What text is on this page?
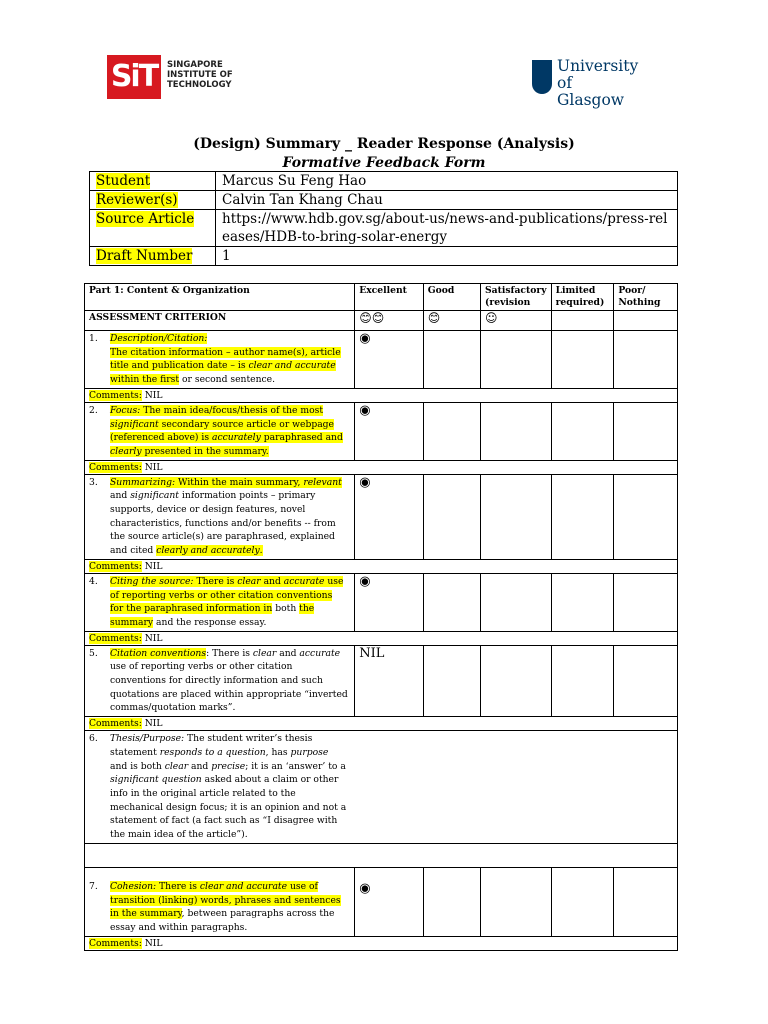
SiT	SINGAPORE
INSTITUTE OF
TECHNOLOGY
University
of Glasgow
(Design) Summary _ Reader Response (Analysis)
Formative Feedback Form
Student	Marcus Su Feng Hao
Reviewer(s)	Calvin Tan Khang Chau
Source Article	https://www.hdb.gov.sg/about-us/news-and-publications/press-releases/HDB-to-bring-solar-energy
Draft Number	1
Part 1: Content & Organization	Excellent	Good	Satisfactory (revision	Limited required)	Poor/ Nothing
ASSESSMENT CRITERION	😊😊	😊	☺		
1. Description/Citation:
The citation information – author name(s), article title and publication date – is clear and accurate within the first or second sentence.	◉				
Comments: NIL					
2. Focus: The main idea/focus/thesis of the most significant secondary source article or webpage (referenced above) is accurately paraphrased and clearly presented in the summary.	◉				
Comments: NIL					
3. Summarizing: Within the main summary, relevant and significant information points – primary supports, device or design features, novel characteristics, functions and/or benefits -- from the source article(s) are paraphrased, explained and cited clearly and accurately.	◉				
Comments: NIL					
4. Citing the source: There is clear and accurate use of reporting verbs or other citation conventions for the paraphrased information in both the summary and the response essay.	◉				
Comments: NIL					
5. Citation conventions: There is clear and accurate use of reporting verbs or other citation conventions for directly information and such quotations are placed within appropriate “inverted commas/quotation marks”.	NIL				
Comments: NIL					
6. Thesis/Purpose: The student writer’s thesis statement responds to a question, has purpose and is both clear and precise; it is an ‘answer’ to a significant question asked about a claim or other info in the original article related to the mechanical design focus; it is an opinion and not a statement of fact (a fact such as “I disagree with the main idea of the article”).					

7. Cohesion: There is clear and accurate use of transition (linking) words, phrases and sentences in the summary, between paragraphs across the essay and within paragraphs.	◉				
Comments: NIL					
